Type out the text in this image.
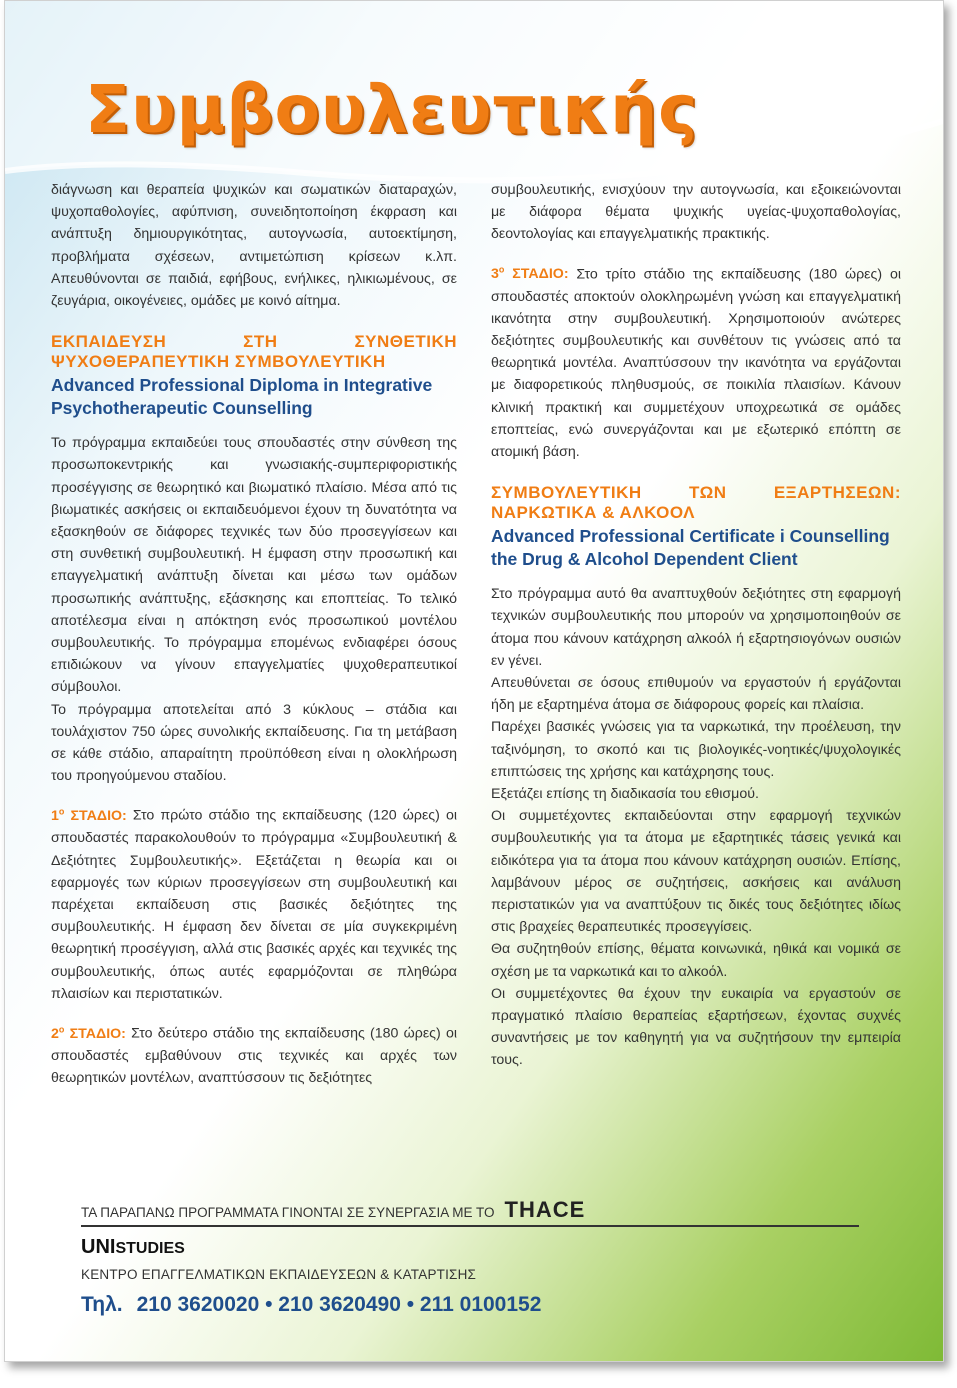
Συμβουλευτικής

διάγνωση και θεραπεία ψυχικών και σωματικών διαταραχών, ψυχοπαθολογίες, αφύπνιση, συνειδητοποίηση έκφραση και ανάπτυξη δημιουργικότητας, αυτογνωσία, αυτοεκτίμηση, προβλήματα σχέσεων, αντιμετώπιση κρίσεων κ.λπ. Απευθύνονται σε παιδιά, εφήβους, ενήλικες, ηλικιωμένους, σε ζευγάρια, οικογένειες, ομάδες με κοινό αίτημα.

ΕΚΠΑΙΔΕΥΣΗ ΣΤΗ ΣΥΝΘΕΤΙΚΗ ΨΥΧΟΘΕΡΑΠΕΥΤΙΚΗ ΣΥΜΒΟΥΛΕΥΤΙΚΗ
Advanced Professional Diploma in Integrative Psychotherapeutic Counselling

Το πρόγραμμα εκπαιδεύει τους σπουδαστές στην σύνθεση της προσωποκεντρικής και γνωσιακής-συμπεριφοριστικής προσέγγισης σε θεωρητικό και βιωματικό πλαίσιο. Μέσα από τις βιωματικές ασκήσεις οι εκπαιδευόμενοι έχουν τη δυνατότητα να εξασκηθούν σε διάφορες τεχνικές των δύο προσεγγίσεων και στη συνθετική συμβουλευτική. Η έμφαση στην προσωπική και επαγγελματική ανάπτυξη δίνεται και μέσω των ομάδων προσωπικής ανάπτυξης, εξάσκησης και εποπτείας. Το τελικό αποτέλεσμα είναι η απόκτηση ενός προσωπικού μοντέλου συμβουλευτικής. Το πρόγραμμα επομένως ενδιαφέρει όσους επιδιώκουν να γίνουν επαγγελματίες ψυχοθεραπευτικοί σύμβουλοι.

Το πρόγραμμα αποτελείται από 3 κύκλους – στάδια και τουλάχιστον 750 ώρες συνολικής εκπαίδευσης. Για τη μετάβαση σε κάθε στάδιο, απαραίτητη προϋπόθεση είναι η ολοκλήρωση του προηγούμενου σταδίου.

$1^o$ ΣΤΑΔΙΟ: Στο πρώτο στάδιο της εκπαίδευσης (120 ώρες) οι σπουδαστές παρακολουθούν το πρόγραμμα «Συμβουλευτική & Δεξιότητες Συμβουλευτικής». Εξετάζεται η θεωρία και οι εφαρμογές των κύριων προσεγγίσεων στη συμβουλευτική και παρέχεται εκπαίδευση στις βασικές δεξιότητες της συμβουλευτικής. Η έμφαση δεν δίνεται σε μία συγκεκριμένη θεωρητική προσέγγιση, αλλά στις βασικές αρχές και τεχνικές της συμβουλευτικής, όπως αυτές εφαρμόζονται σε πληθώρα πλαισίων και περιστατικών.

$2^o$ ΣΤΑΔΙΟ: Στο δεύτερο στάδιο της εκπαίδευσης (180 ώρες) οι σπουδαστές εμβαθύνουν στις τεχνικές και αρχές των θεωρητικών μοντέλων, αναπτύσσουν τις δεξιότητες

συμβουλευτικής, ενισχύουν την αυτογνωσία, και εξοικειώνονται με διάφορα θέματα ψυχικής υγείας-ψυχοπαθολογίας, δεοντολογίας και επαγγελματικής πρακτικής.

$3^o$ ΣΤΑΔΙΟ: Στο τρίτο στάδιο της εκπαίδευσης (180 ώρες) οι σπουδαστές αποκτούν ολοκληρωμένη γνώση και επαγγελματική ικανότητα στην συμβουλευτική. Χρησιμοποιούν ανώτερες δεξιότητες συμβουλευτικής και συνθέτουν τις γνώσεις από τα θεωρητικά μοντέλα. Αναπτύσσουν την ικανότητα να εργάζονται με διαφορετικούς πληθυσμούς, σε ποικιλία πλαισίων. Κάνουν κλινική πρακτική και συμμετέχουν υποχρεωτικά σε ομάδες εποπτείας, ενώ συνεργάζονται και με εξωτερικό επόπτη σε ατομική βάση.

ΣΥΜΒΟΥΛΕΥΤΙΚΗ ΤΩΝ ΕΞΑΡΤΗΣΕΩΝ: ΝΑΡΚΩΤΙΚΑ & ΑΛΚΟΟΛ
Advanced Professional Certificate i Counselling the Drug & Alcohol Dependent Client

Στο πρόγραμμα αυτό θα αναπτυχθούν δεξιότητες στη εφαρμογή τεχνικών συμβουλευτικής που μπορούν να χρησιμοποιηθούν σε άτομα που κάνουν κατάχρηση αλκοόλ ή εξαρτησιογόνων ουσιών εν γένει.

Απευθύνεται σε όσους επιθυμούν να εργαστούν ή εργάζονται ήδη με εξαρτημένα άτομα σε διάφορους φορείς και πλαίσια.

Παρέχει βασικές γνώσεις για τα ναρκωτικά, την προέλευση, την ταξινόμηση, το σκοπό και τις βιολογικές-νοητικές/ψυχολογικές επιπτώσεις της χρήσης και κατάχρησης τους.

Εξετάζει επίσης τη διαδικασία του εθισμού.

Οι συμμετέχοντες εκπαιδεύονται στην εφαρμογή τεχνικών συμβουλευτικής για τα άτομα με εξαρτητικές τάσεις γενικά και ειδικότερα για τα άτομα που κάνουν κατάχρηση ουσιών. Επίσης, λαμβάνουν μέρος σε συζητήσεις, ασκήσεις και ανάλυση περιστατικών για να αναπτύξουν τις δικές τους δεξιότητες ιδίως στις βραχείες θεραπευτικές προσεγγίσεις.

Θα συζητηθούν επίσης, θέματα κοινωνικά, ηθικά και νομικά σε σχέση με τα ναρκωτικά και το αλκοόλ.

Οι συμμετέχοντες θα έχουν την ευκαιρία να εργαστούν σε πραγματικό πλαίσιο θεραπείας εξαρτήσεων, έχοντας συχνές συναντήσεις με τον καθηγητή για να συζητήσουν την εμπειρία τους.

ΤΑ ΠΑΡΑΠΑΝΩ ΠΡΟΓΡΑΜΜΑΤΑ ΓΙΝΟΝΤΑΙ ΣΕ ΣΥΝΕΡΓΑΣΙΑ ΜΕ ΤΟ THACE
UNISTUDIES
ΚΕΝΤΡΟ ΕΠΑΓΓΕΛΜΑΤΙΚΩΝ ΕΚΠΑΙΔΕΥΣΕΩΝ & ΚΑΤΑΡΤΙΣΗΣ
Τηλ. 210 3620020 • 210 3620490 • 211 0100152
